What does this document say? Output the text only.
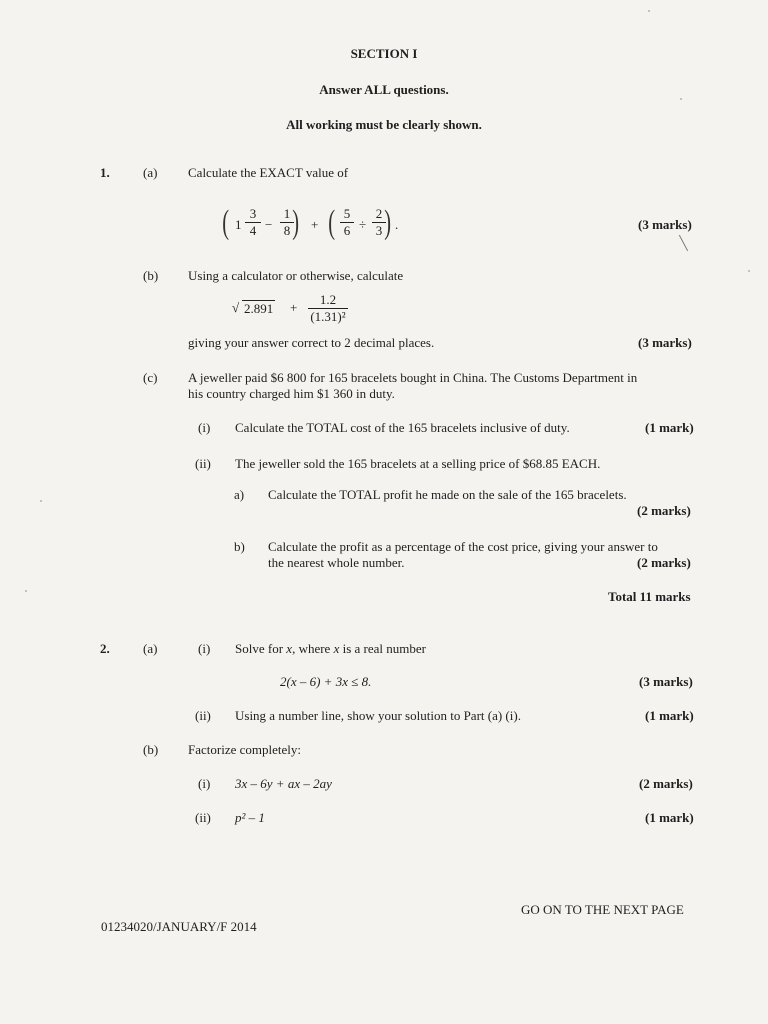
SECTION I
Answer ALL questions.
All working must be clearly shown.
1.	(a) Calculate the EXACT value of
( 1
3
4 −
1
8 ) + ( 5
6 ÷
2
3 ) .	(3 marks)
(b) Using a calculator or otherwise, calculate
√ 2.891 +
1.2
(1.31)²
giving your answer correct to 2 decimal places.	(3 marks)
(c) A jeweller paid $6 800 for 165 bracelets bought in China. The Customs Department in
his country charged him $1 360 in duty.
(i) Calculate the TOTAL cost of the 165 bracelets inclusive of duty.	(1 mark)
(ii) The jeweller sold the 165 bracelets at a selling price of $68.85 EACH.
a) Calculate the TOTAL profit he made on the sale of the 165 bracelets.
(2 marks)
b) Calculate the profit as a percentage of the cost price, giving your answer to
the nearest whole number.	(2 marks)
Total 11 marks
2.	(a)	(i) Solve for x, where x is a real number
2(x – 6) + 3x ≤ 8.	(3 marks)
(ii) Using a number line, show your solution to Part (a) (i).	(1 mark)
(b) Factorize completely:
(i) 3x – 6y + ax – 2ay	(2 marks)
(ii) p² – 1	(1 mark)
GO ON TO THE NEXT PAGE
01234020/JANUARY/F 2014
